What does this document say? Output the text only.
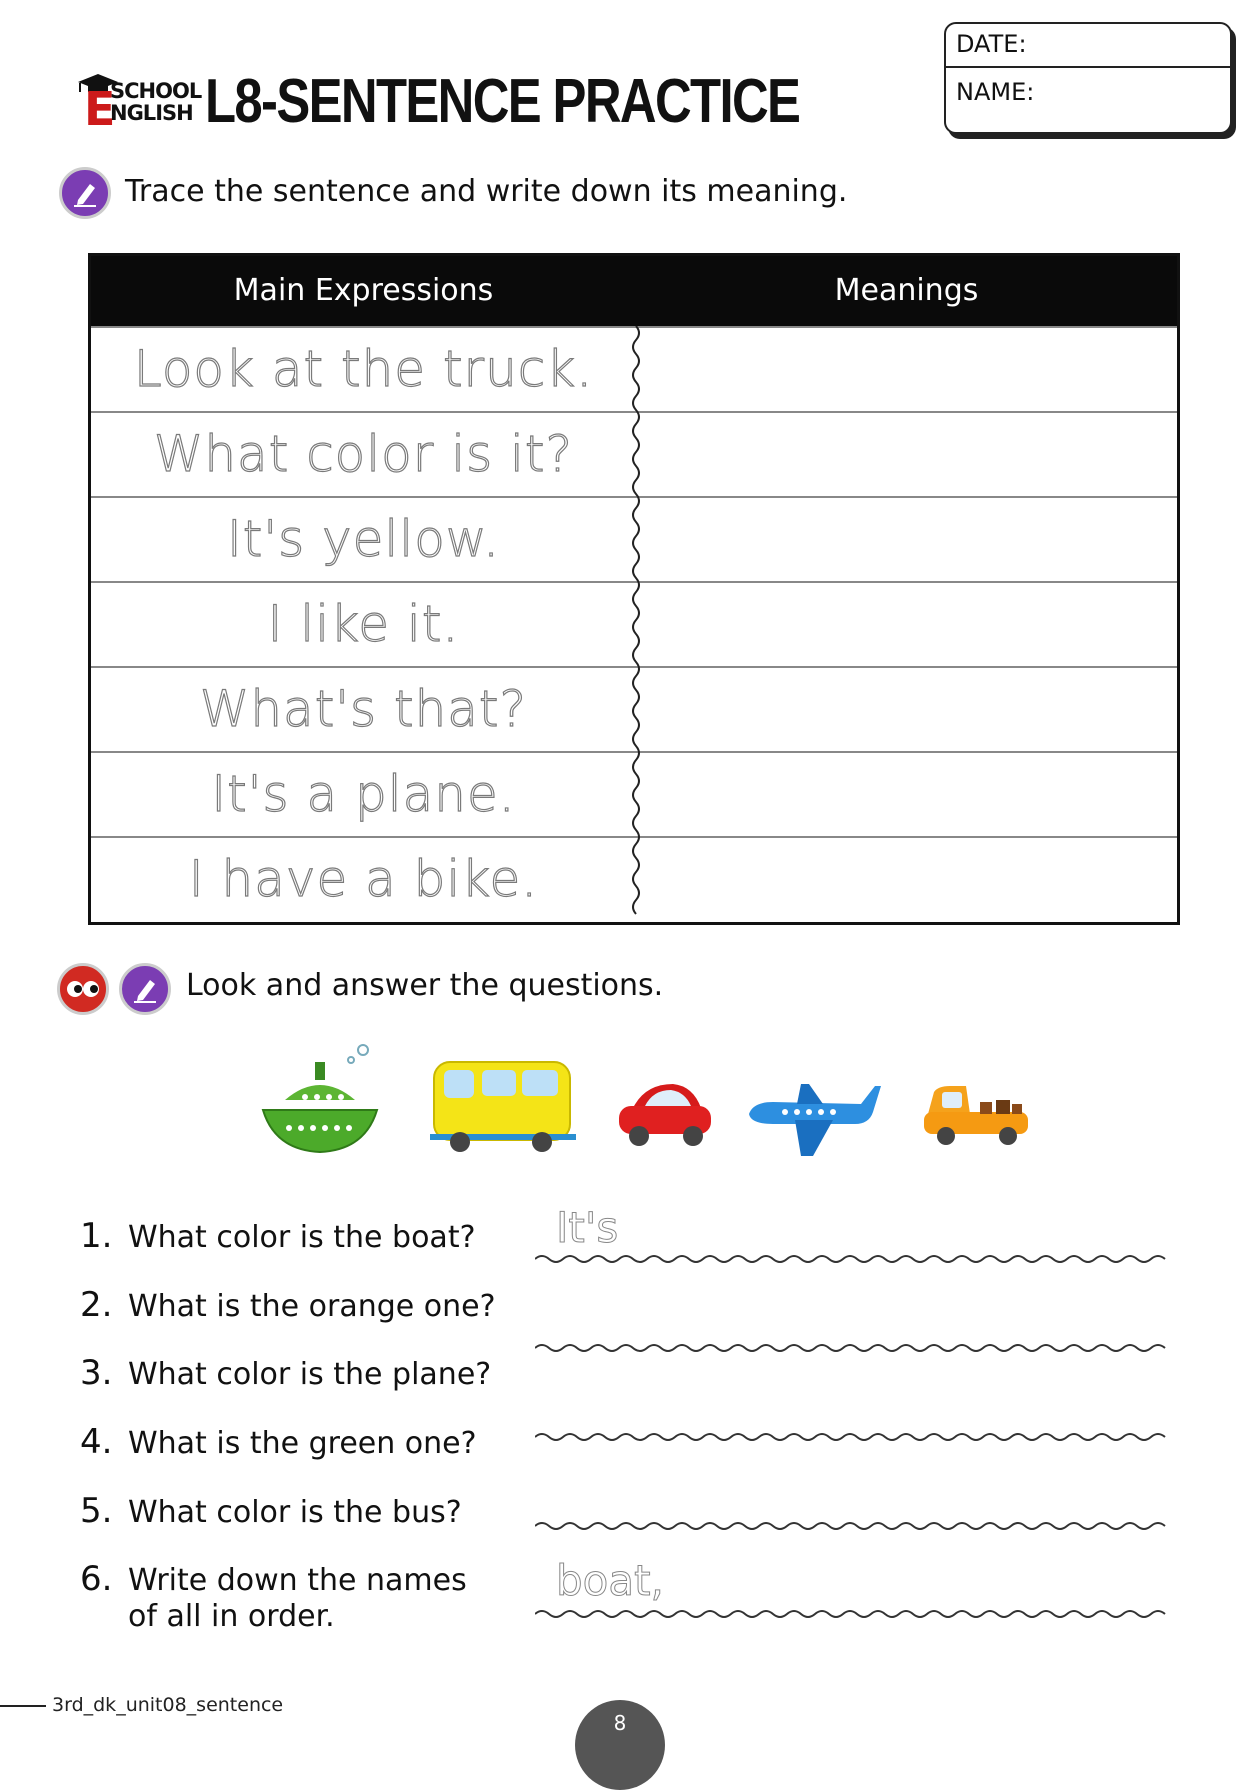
E
SCHOOL
NGLISH L8-SENTENCE PRACTICE
DATE:
NAME:
Trace the sentence and write down its meaning.
Main Expressions	Meanings
Look at the truck.
What color is it?
It's yellow.
I like it.
What's that?
It's a plane.
I have a bike.
Look and answer the questions.
1. What color is the boat?
2. What is the orange one?
3. What color is the plane?
4. What is the green one?
5. What color is the bus?
6. Write down the names
of all in order.
It's
boat,
3rd_dk_unit08_sentence
8
